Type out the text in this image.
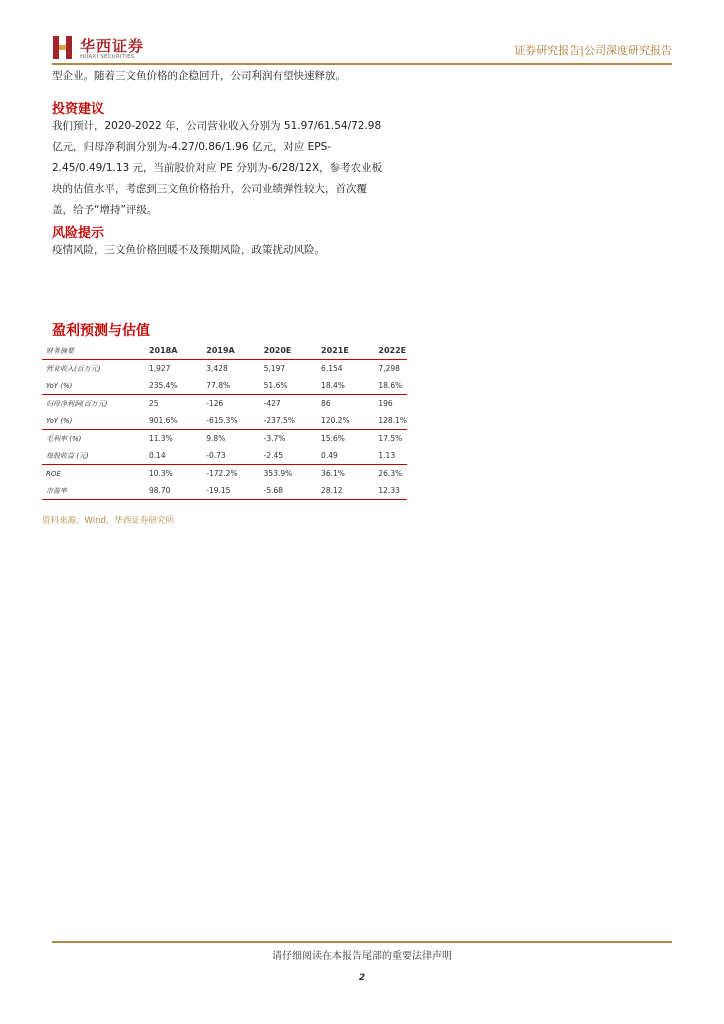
华西证券
HUAXI SECURITIES	证券研究报告|公司深度研究报告
型企业。随着三文鱼价格的企稳回升，公司利润有望快速释放。
投资建议
我们预计，2020-2022 年，公司营业收入分别为 51.97/61.54/72.98 亿元，归母净利润分别为-4.27/0.86/1.96 亿元，对应 EPS-2.45/0.49/1.13 元，当前股价对应 PE 分别为-6/28/12X，参考农业板块的估值水平，考虑到三文鱼价格抬升，公司业绩弹性较大，首次覆盖，给予“增持”评级。
风险提示
疫情风险，三文鱼价格回暖不及预期风险，政策扰动风险。
盈利预测与估值
财务摘要	2018A	2019A	2020E	2021E	2022E
营业收入(百万元)	1,927	3,428	5,197	6,154	7,298
YoY (%)	235.4%	77.8%	51.6%	18.4%	18.6%
归母净利润(百万元)	25	-126	-427	86	196
YoY (%)	901.6%	-615.3%	-237.5%	120.2%	128.1%
毛利率 (%)	11.3%	9.8%	-3.7%	15.6%	17.5%
每股收益 (元)	0.14	-0.73	-2.45	0.49	1.13
ROE	10.3%	-172.2%	353.9%	36.1%	26.3%
市盈率	98.70	-19.15	-5.68	28.12	12.33
资料来源：Wind，华西证券研究所
请仔细阅读在本报告尾部的重要法律声明
2
